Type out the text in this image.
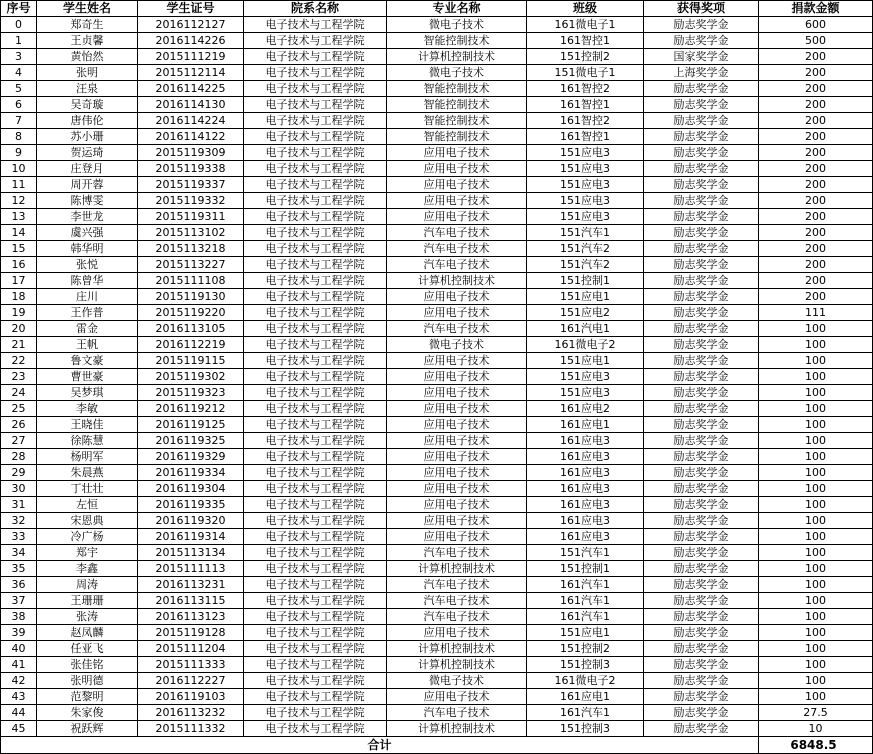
序号	学生姓名	学生证号	院系名称	专业名称	班级	获得奖项	捐款金额
0	郑奇生	2016112127	电子技术与工程学院	微电子技术	161微电子1	励志奖学金	600
1	王贞馨	2016114226	电子技术与工程学院	智能控制技术	161智控1	励志奖学金	500
3	黄怡然	2015111219	电子技术与工程学院	计算机控制技术	151控制2	国家奖学金	200
4	张明	2015112114	电子技术与工程学院	微电子技术	151微电子1	上海奖学金	200
5	汪泉	2016114225	电子技术与工程学院	智能控制技术	161智控2	励志奖学金	200
6	吴奇璇	2016114130	电子技术与工程学院	智能控制技术	161智控1	励志奖学金	200
7	唐伟伦	2016114224	电子技术与工程学院	智能控制技术	161智控2	励志奖学金	200
8	苏小珊	2016114122	电子技术与工程学院	智能控制技术	161智控1	励志奖学金	200
9	贺运琦	2015119309	电子技术与工程学院	应用电子技术	151应电3	励志奖学金	200
10	庄登月	2015119338	电子技术与工程学院	应用电子技术	151应电3	励志奖学金	200
11	周开蓉	2015119337	电子技术与工程学院	应用电子技术	151应电3	励志奖学金	200
12	陈博雯	2015119332	电子技术与工程学院	应用电子技术	151应电3	励志奖学金	200
13	李世龙	2015119311	电子技术与工程学院	应用电子技术	151应电3	励志奖学金	200
14	虞兴强	2015113102	电子技术与工程学院	汽车电子技术	151汽车1	励志奖学金	200
15	韩华明	2015113218	电子技术与工程学院	汽车电子技术	151汽车2	励志奖学金	200
16	张悦	2015113227	电子技术与工程学院	汽车电子技术	151汽车2	励志奖学金	200
17	陈曾华	2015111108	电子技术与工程学院	计算机控制技术	151控制1	励志奖学金	200
18	庄川	2015119130	电子技术与工程学院	应用电子技术	151应电1	励志奖学金	200
19	王作普	2015119220	电子技术与工程学院	应用电子技术	151应电2	励志奖学金	111
20	雷金	2016113105	电子技术与工程学院	汽车电子技术	161汽电1	励志奖学金	100
21	王帆	2016112219	电子技术与工程学院	微电子技术	161微电子2	励志奖学金	100
22	鲁文豪	2015119115	电子技术与工程学院	应用电子技术	151应电1	励志奖学金	100
23	曹世豪	2015119302	电子技术与工程学院	应用电子技术	151应电3	励志奖学金	100
24	吴梦琪	2015119323	电子技术与工程学院	应用电子技术	151应电3	励志奖学金	100
25	李敏	2016119212	电子技术与工程学院	应用电子技术	161应电2	励志奖学金	100
26	王晓佳	2016119125	电子技术与工程学院	应用电子技术	161应电1	励志奖学金	100
27	徐陈慧	2016119325	电子技术与工程学院	应用电子技术	161应电3	励志奖学金	100
28	杨明军	2016119329	电子技术与工程学院	应用电子技术	161应电3	励志奖学金	100
29	朱晨燕	2016119334	电子技术与工程学院	应用电子技术	161应电3	励志奖学金	100
30	丁壮壮	2016119304	电子技术与工程学院	应用电子技术	161应电3	励志奖学金	100
31	左恒	2016119335	电子技术与工程学院	应用电子技术	161应电3	励志奖学金	100
32	宋恩典	2016119320	电子技术与工程学院	应用电子技术	161应电3	励志奖学金	100
33	冷广杨	2016119314	电子技术与工程学院	应用电子技术	161应电3	励志奖学金	100
34	郑宇	2015113134	电子技术与工程学院	汽车电子技术	151汽车1	励志奖学金	100
35	李鑫	2015111113	电子技术与工程学院	计算机控制技术	151控制1	励志奖学金	100
36	周涛	2016113231	电子技术与工程学院	汽车电子技术	161汽车1	励志奖学金	100
37	王珊珊	2016113115	电子技术与工程学院	汽车电子技术	161汽车1	励志奖学金	100
38	张涛	2016113123	电子技术与工程学院	汽车电子技术	161汽车1	励志奖学金	100
39	赵凤麟	2015119128	电子技术与工程学院	应用电子技术	151应电1	励志奖学金	100
40	任亚飞	2015111204	电子技术与工程学院	计算机控制技术	151控制2	励志奖学金	100
41	张佳铭	2015111333	电子技术与工程学院	计算机控制技术	151控制3	励志奖学金	100
42	张明德	2016112227	电子技术与工程学院	微电子技术	161微电子2	励志奖学金	100
43	范黎明	2016119103	电子技术与工程学院	应用电子技术	161应电1	励志奖学金	100
44	朱家俊	2016113232	电子技术与工程学院	汽车电子技术	161汽车1	励志奖学金	27.5
45	祝跃辉	2015111332	电子技术与工程学院	计算机控制技术	151控制3	励志奖学金	10
合计							6848.5
